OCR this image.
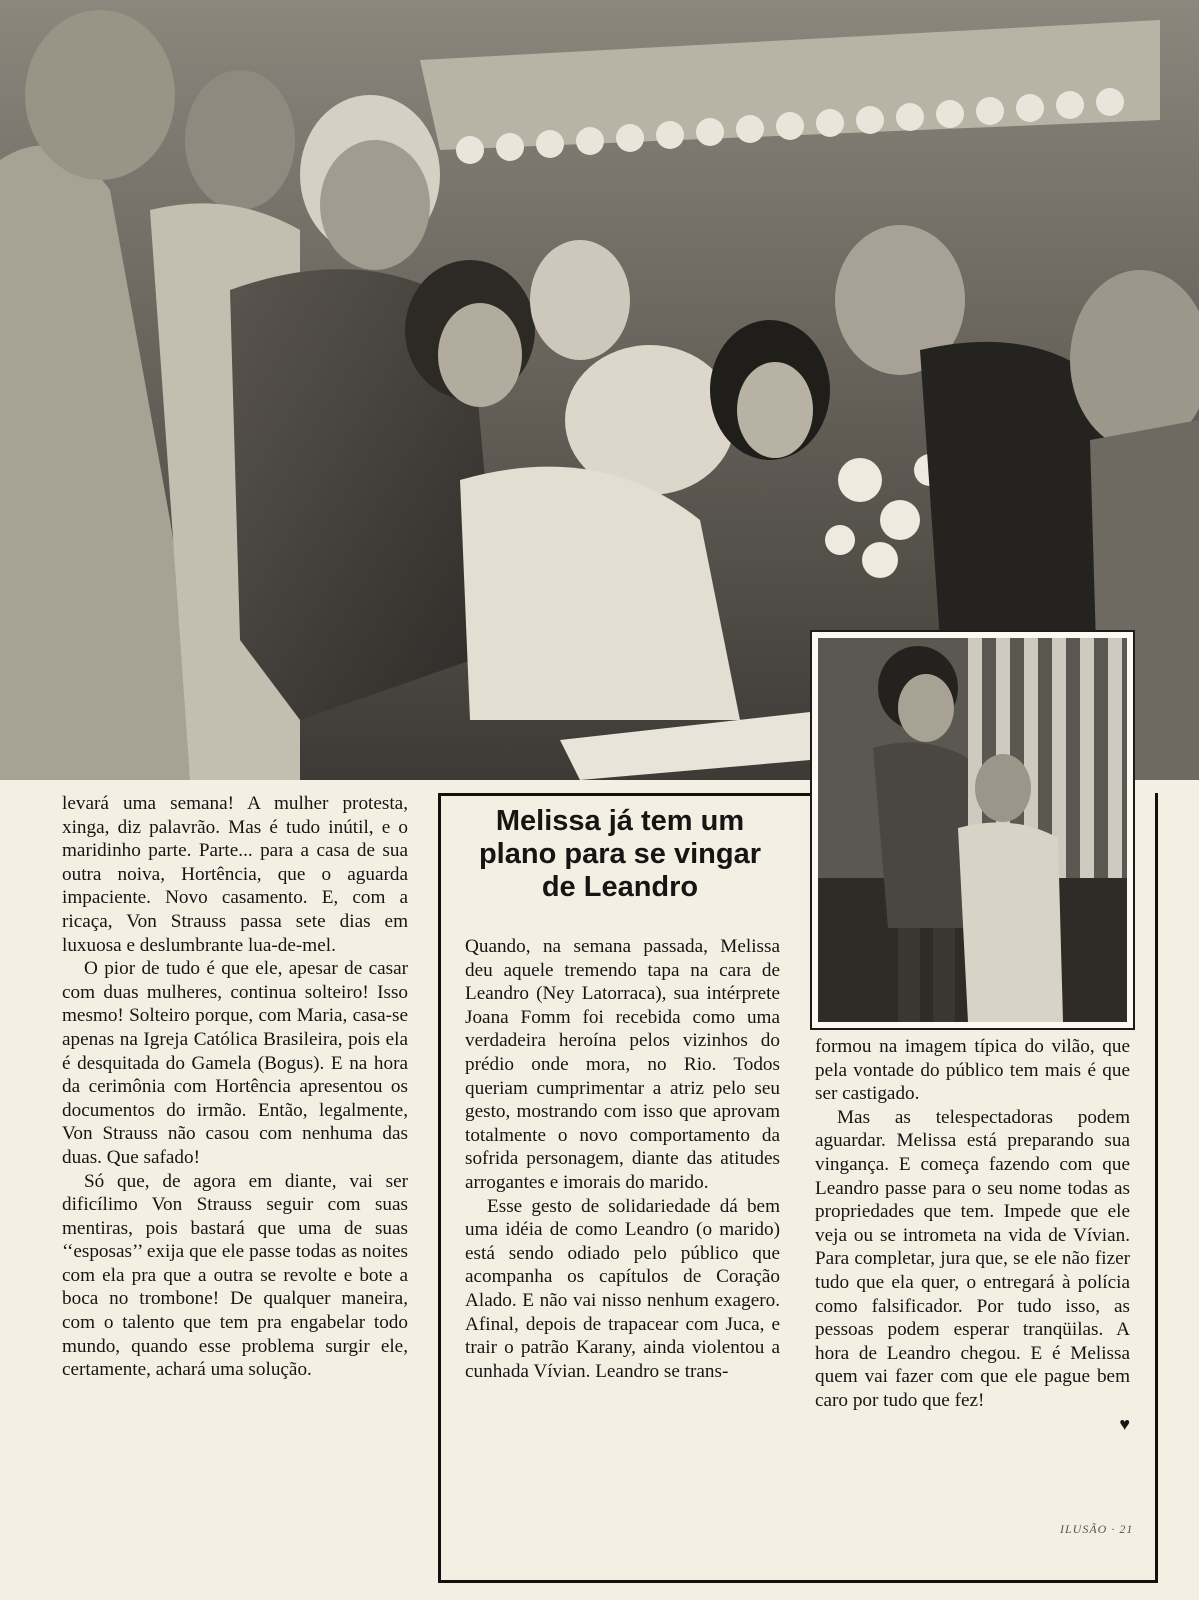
levará uma semana! A mulher protesta, xinga, diz palavrão. Mas é tudo inútil, e o maridinho parte. Parte... para a casa de sua outra noiva, Hortência, que o aguarda impaciente. Novo casamento. E, com a ricaça, Von Strauss passa sete dias em luxuosa e deslumbrante lua-de-mel.

O pior de tudo é que ele, apesar de casar com duas mulheres, continua solteiro! Isso mesmo! Solteiro porque, com Maria, casa-se apenas na Igreja Católica Brasileira, pois ela é desquitada do Gamela (Bogus). E na hora da cerimônia com Hortência apresentou os documentos do irmão. Então, legalmente, Von Strauss não casou com nenhuma das duas. Que safado!

Só que, de agora em diante, vai ser dificílimo Von Strauss seguir com suas mentiras, pois bastará que uma de suas ‘‘esposas’’ exija que ele passe todas as noites com ela pra que a outra se revolte e bote a boca no trombone! De qualquer maneira, com o talento que tem pra engabelar todo mundo, quando esse problema surgir ele, certamente, achará uma solução.

Melissa já tem um plano para se vingar de Leandro

Quando, na semana passada, Melissa deu aquele tremendo tapa na cara de Leandro (Ney Latorraca), sua intérprete Joana Fomm foi recebida como uma verdadeira heroína pelos vizinhos do prédio onde mora, no Rio. Todos queriam cumprimentar a atriz pelo seu gesto, mostrando com isso que aprovam totalmente o novo comportamento da sofrida personagem, diante das atitudes arrogantes e imorais do marido.

Esse gesto de solidariedade dá bem uma idéia de como Leandro (o marido) está sendo odiado pelo público que acompanha os capítulos de Coração Alado. E não vai nisso nenhum exagero. Afinal, depois de trapacear com Juca, e trair o patrão Karany, ainda violentou a cunhada Vívian. Leandro se trans-

formou na imagem típica do vilão, que pela vontade do público tem mais é que ser castigado.

Mas as telespectadoras podem aguardar. Melissa está preparando sua vingança. E começa fazendo com que Leandro passe para o seu nome todas as propriedades que tem. Impede que ele veja ou se intrometa na vida de Vívian. Para completar, jura que, se ele não fizer tudo que ela quer, o entregará à polícia como falsificador. Por tudo isso, as pessoas podem esperar tranqüilas. A hora de Leandro chegou. E é Melissa quem vai fazer com que ele pague bem caro por tudo que fez!

♥
ILUSÃO · 21
